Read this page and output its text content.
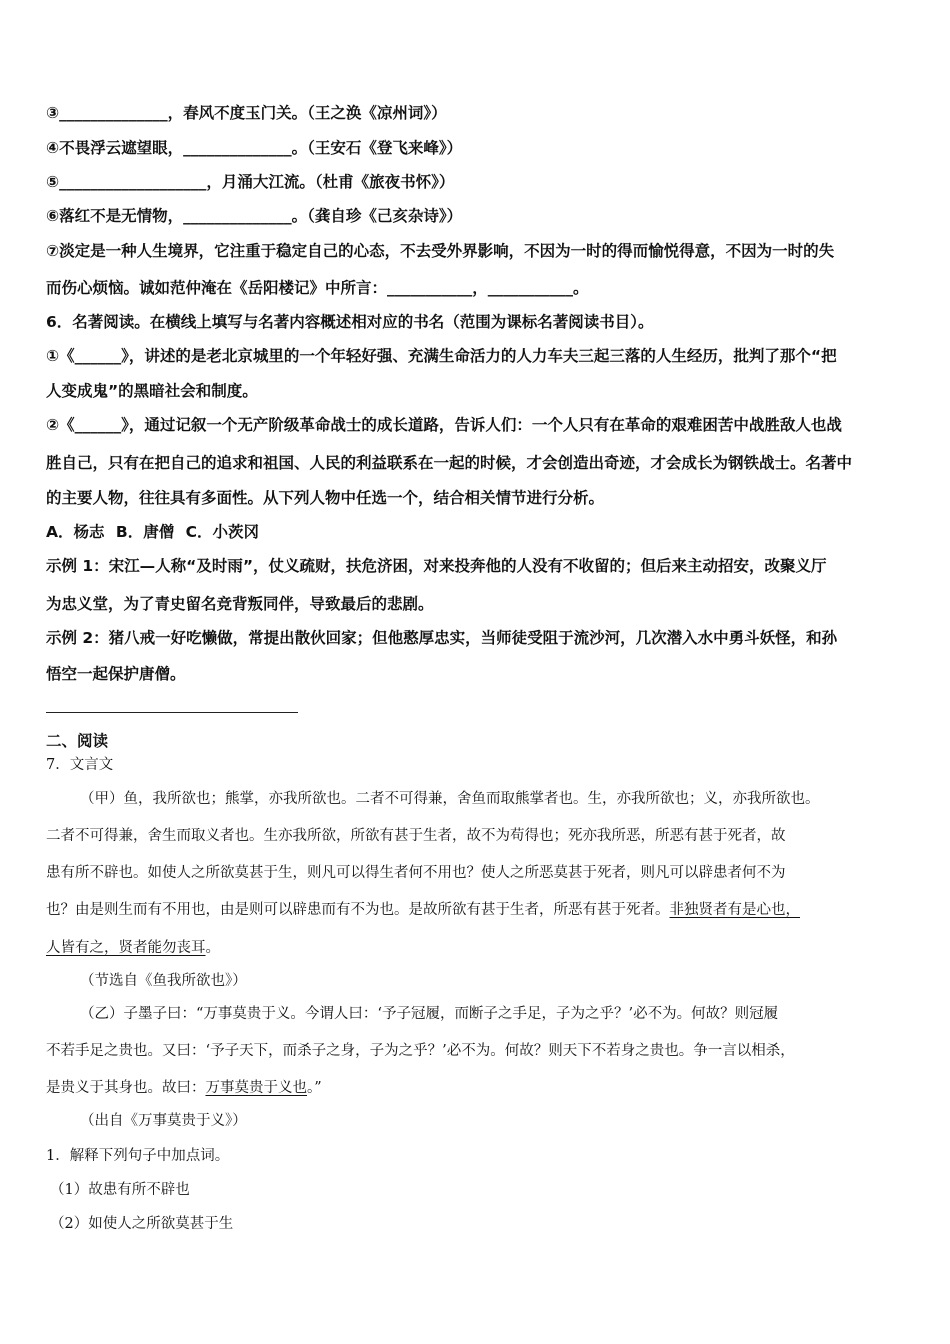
③______________，春风不度玉门关。（王之涣《凉州词》）

④不畏浮云遮望眼，______________。（王安石《登飞来峰》）

⑤___________________，月涌大江流。（杜甫《旅夜书怀》）

⑥落红不是无情物，______________。（龚自珍《己亥杂诗》）

⑦淡定是一种人生境界，它注重于稳定自己的心态，不去受外界影响，不因为一时的得而愉悦得意，不因为一时的失

而伤心烦恼。诚如范仲淹在《岳阳楼记》中所言：___________，___________。

6．名著阅读。在横线上填写与名著内容概述相对应的书名（范围为课标名著阅读书目）。

①《______》，讲述的是老北京城里的一个年轻好强、充满生命活力的人力车夫三起三落的人生经历，批判了那个“把

人变成鬼”的黑暗社会和制度。

②《______》，通过记叙一个无产阶级革命战士的成长道路，告诉人们：一个人只有在革命的艰难困苦中战胜敌人也战

胜自己，只有在把自己的追求和祖国、人民的利益联系在一起的时候，才会创造出奇迹，才会成长为钢铁战士。名著中

的主要人物，往往具有多面性。从下列人物中任选一个，结合相关情节进行分析。

A．杨志 B．唐僧 C．小茨冈

示例 1：宋江—人称“及时雨”，仗义疏财，扶危济困，对来投奔他的人没有不收留的；但后来主动招安，改聚义厅

为忠义堂，为了青史留名竞背叛同伴，导致最后的悲剧。

示例 2：猪八戒一好吃懒做，常提出散伙回家；但他憨厚忠实，当师徒受阻于流沙河，几次潜入水中勇斗妖怪，和孙

悟空一起保护唐僧。

二、阅读

7．文言文

（甲）鱼，我所欲也；熊掌，亦我所欲也。二者不可得兼，舍鱼而取熊掌者也。生，亦我所欲也；义，亦我所欲也。

二者不可得兼，舍生而取义者也。生亦我所欲，所欲有甚于生者，故不为苟得也；死亦我所恶，所恶有甚于死者，故

患有所不辟也。如使人之所欲莫甚于生，则凡可以得生者何不用也？使人之所恶莫甚于死者，则凡可以辟患者何不为

也？由是则生而有不用也，由是则可以辟患而有不为也。是故所欲有甚于生者，所恶有甚于死者。非独贤者有是心也，

人皆有之，贤者能勿丧耳。

（节选自《鱼我所欲也》）

（乙）子墨子曰：“万事莫贵于义。今谓人曰：‘予子冠履，而断子之手足，子为之乎？’必不为。何故？则冠履

不若手足之贵也。又曰：‘予子天下，而杀子之身，子为之乎？’必不为。何故？则天下不若身之贵也。争一言以相杀，

是贵义于其身也。故曰：万事莫贵于义也。”

（出自《万事莫贵于义》）

1．解释下列句子中加点词。

（1）故患有所不辟也

（2）如使人之所欲莫甚于生
